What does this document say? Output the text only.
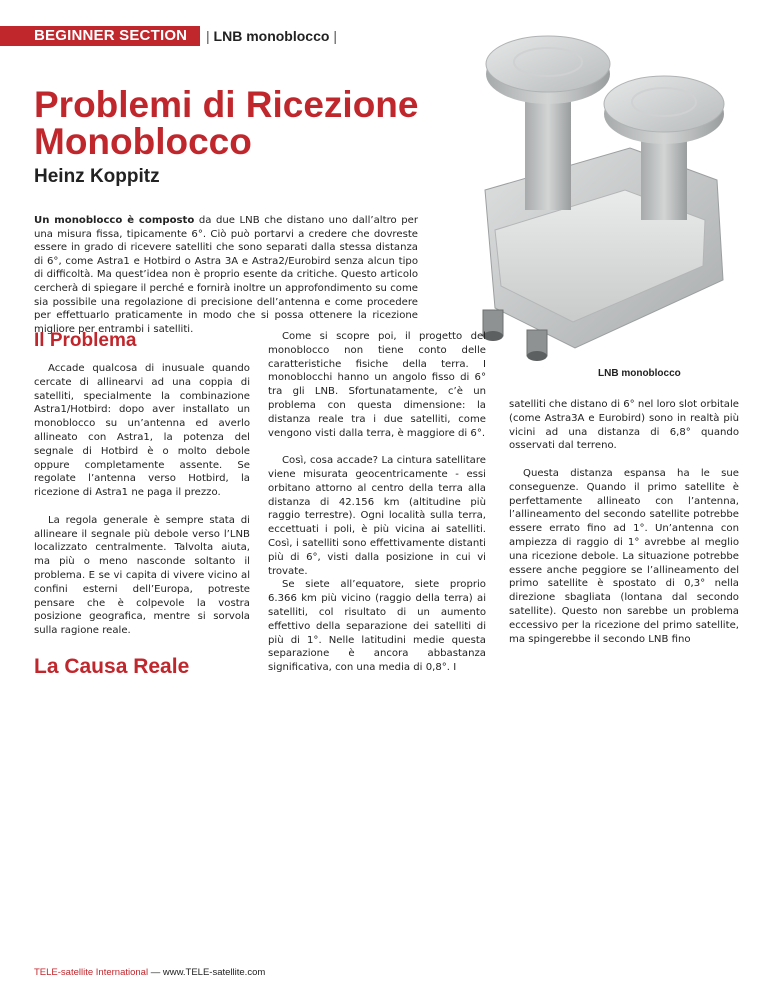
BEGINNER SECTION | LNB monoblocco |
Problemi di Ricezione
Monoblocco

Heinz Koppitz

Un monoblocco è composto da due LNB che distano uno dall’altro per una misura fissa, tipicamente 6°. Ciò può portarvi a credere che dovreste essere in grado di ricevere satelliti che sono separati dalla stessa distanza di 6°, come Astra1 e Hotbird o Astra 3A e Astra2/Eurobird senza alcun tipo di difficoltà. Ma quest’idea non è proprio esente da critiche. Questo articolo cercherà di spiegare il perché e fornirà inoltre un approfondimento su come sia possibile una regolazione di precisione dell’antenna e come procedere per effettuarlo praticamente in modo che si possa ottenere la ricezione migliore per entrambi i satelliti.

LNB monoblocco
Il Problema

Accade qualcosa di inusuale quando cercate di allinearvi ad una coppia di satelliti, specialmente la combinazione Astra1/Hotbird: dopo aver installato un monoblocco su un’antenna ed averlo allineato con Astra1, la potenza del segnale di Hotbird è o molto debole oppure completamente assente. Se regolate l’antenna verso Hotbird, la ricezione di Astra1 ne paga il prezzo.

La regola generale è sempre stata di allineare il segnale più debole verso l’LNB localizzato centralmente. Talvolta aiuta, ma più o meno nasconde soltanto il problema. E se vi capita di vivere vicino al confini esterni dell’Europa, potreste pensare che è colpevole la vostra posizione geografica, mentre si sorvola sulla ragione reale.

La Causa Reale

Come si scopre poi, il progetto del monoblocco non tiene conto delle caratteristiche fisiche della terra. I monoblocchi hanno un angolo fisso di 6° tra gli LNB. Sfortunatamente, c’è un problema con questa dimensione: la distanza reale tra i due satelliti, come vengono visti dalla terra, è maggiore di 6°.

Così, cosa accade? La cintura satellitare viene misurata geocentricamente - essi orbitano attorno al centro della terra alla distanza di 42.156 km (altitudine più raggio terrestre). Ogni località sulla terra, eccettuati i poli, è più vicina ai satelliti. Così, i satelliti sono effettivamente distanti più di 6°, visti dalla posizione in cui vi trovate.

Se siete all’equatore, siete proprio 6.366 km più vicino (raggio della terra) ai satelliti, col risultato di un aumento effettivo della separazione dei satelliti di più di 1°. Nelle latitudini medie questa separazione è ancora abbastanza significativa, con una media di 0,8°. I

satelliti che distano di 6° nel loro slot orbitale (come Astra3A e Eurobird) sono in realtà più vicini ad una distanza di 6,8° quando osservati dal terreno.

Questa distanza espansa ha le sue conseguenze. Quando il primo satellite è perfettamente allineato con l’antenna, l’allineamento del secondo satellite potrebbe essere errato fino ad 1°. Un’antenna con ampiezza di raggio di 1° avrebbe al meglio una ricezione debole. La situazione potrebbe essere anche peggiore se l’allineamento del primo satellite è spostato di 0,3° nella direzione sbagliata (lontana dal secondo satellite). Questo non sarebbe un problema eccessivo per la ricezione del primo satellite, ma spingerebbe il secondo LNB fino

TELE-satellite International — www.TELE-satellite.com
